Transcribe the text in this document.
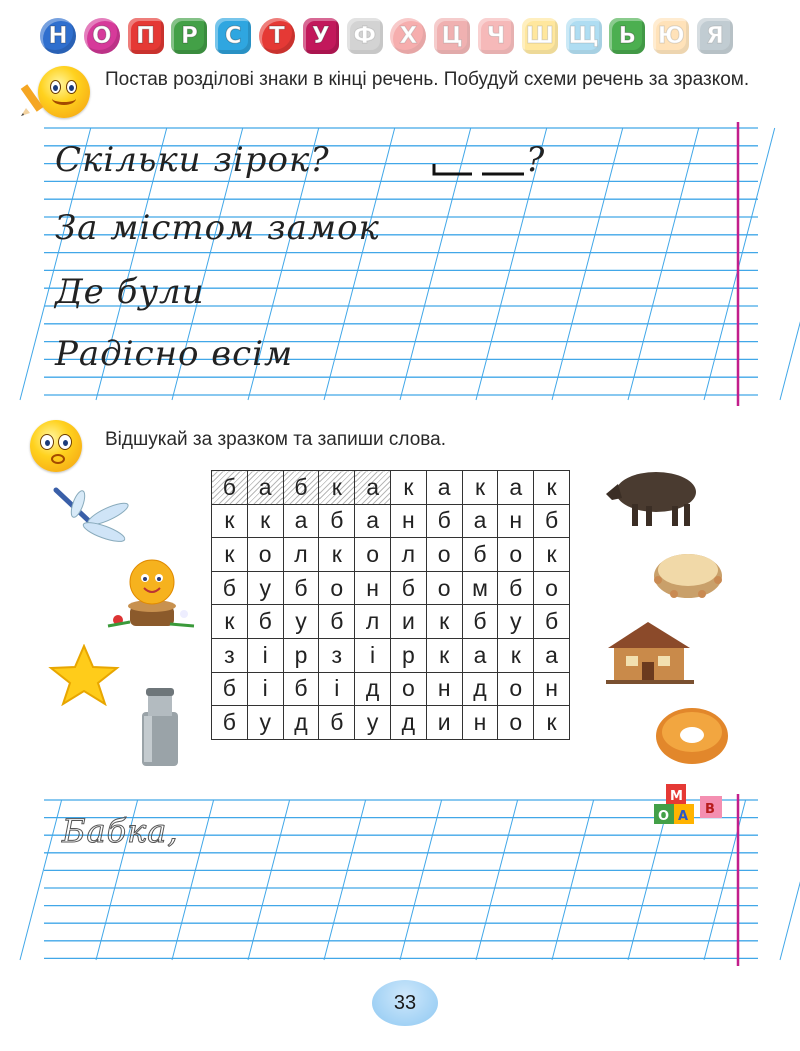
Н	О	П	Р	С	Т	У	Ф	Х	Ц	Ч Ш Щ Ь Ю Я
Постав розділові знаки в кінці речень. Побудуй схеми речень за зразком.
Скільки зірок?	?
За містом замок
Де були
Радісно всім
Відшукай за зразком та запиши слова.
б	а	б	к	а	к	а	к	а	к
к	к	а	б	а	н	б	а	н	б
к	о	л	к	о	л	о	б	о	к
б	у	б	о	н	б	о	м	б	о
к	б	у	б	л	и	к	б	у	б
з	і	р	з	і	р	к	а	к	а
б	і	б	і	д	о	н	д	о	н
б	у	д	б	у	д	и	н	о	к
М
О А В
Бабка,
33
